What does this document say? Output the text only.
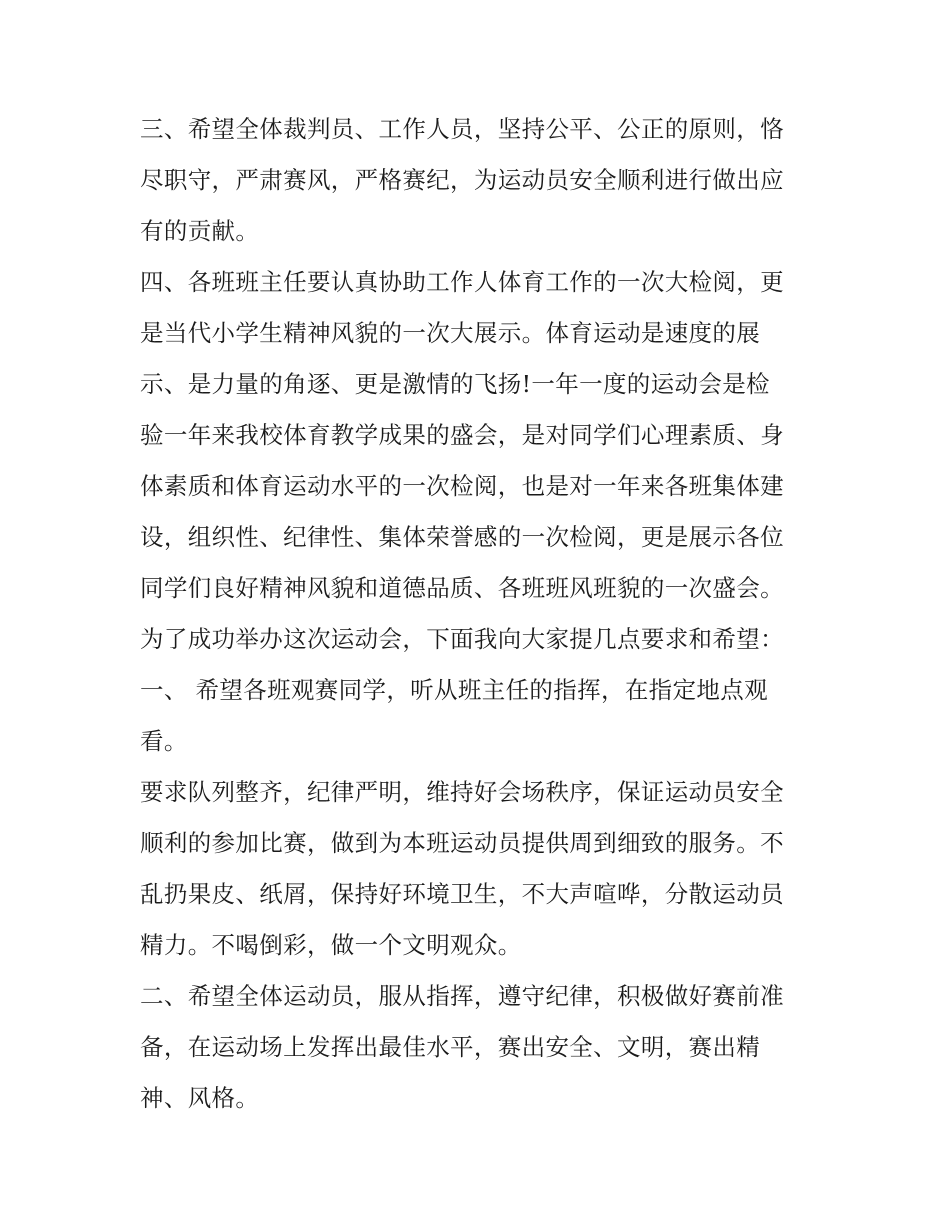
三、希望全体裁判员、工作人员，坚持公平、公正的原则，恪
尽职守，严肃赛风，严格赛纪，为运动员安全顺利进行做出应
有的贡献。
四、各班班主任要认真协助工作人体育工作的一次大检阅，更
是当代小学生精神风貌的一次大展示。体育运动是速度的展
示、是力量的角逐、更是激情的飞扬!一年一度的运动会是检
验一年来我校体育教学成果的盛会，是对同学们心理素质、身
体素质和体育运动水平的一次检阅，也是对一年来各班集体建
设，组织性、纪律性、集体荣誉感的一次检阅，更是展示各位
同学们良好精神风貌和道德品质、各班班风班貌的一次盛会。
为了成功举办这次运动会，下面我向大家提几点要求和希望：
一、 希望各班观赛同学，听从班主任的指挥，在指定地点观
看。
要求队列整齐，纪律严明，维持好会场秩序，保证运动员安全
顺利的参加比赛，做到为本班运动员提供周到细致的服务。不
乱扔果皮、纸屑，保持好环境卫生，不大声喧哗，分散运动员
精力。不喝倒彩，做一个文明观众。
二、希望全体运动员，服从指挥，遵守纪律，积极做好赛前准
备，在运动场上发挥出最佳水平，赛出安全、文明，赛出精
神、风格。
